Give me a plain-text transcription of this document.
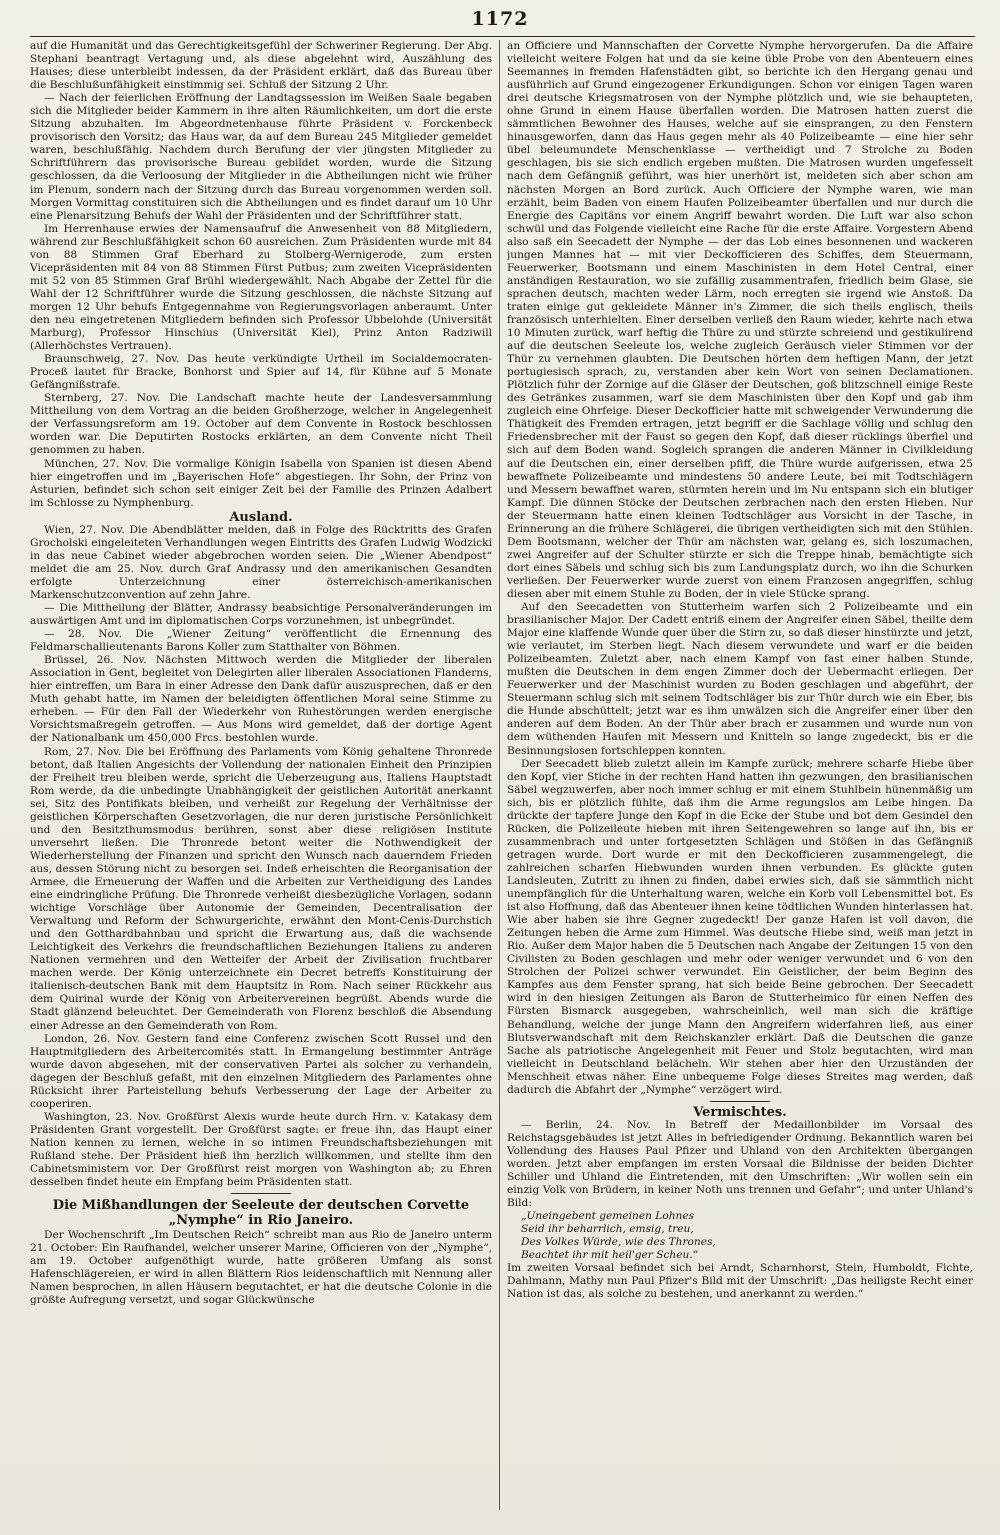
1172

auf die Humanität und das Gerechtigkeitsgefühl der Schweriner Regierung. Der Abg. Stephani beantragt Vertagung und, als diese abgelehnt wird, Auszählung des Hauses; diese unterbleibt indessen, da der Präsident erklärt, daß das Bureau über die Beschlußunfähigkeit einstimmig sei. Schluß der Sitzung 2 Uhr.

— Nach der feierlichen Eröffnung der Landtagssession im Weißen Saale begaben sich die Mitglieder beider Kammern in ihre alten Räumlichkeiten, um dort die erste Sitzung abzuhalten. Im Abgeordnetenhause führte Präsident v. Forckenbeck provisorisch den Vorsitz; das Haus war, da auf dem Bureau 245 Mitglieder gemeldet waren, beschlußfähig. Nachdem durch Berufung der vier jüngsten Mitglieder zu Schriftführern das provisorische Bureau gebildet worden, wurde die Sitzung geschlossen, da die Verloosung der Mitglieder in die Abtheilungen nicht wie früher im Plenum, sondern nach der Sitzung durch das Bureau vorgenommen werden soll. Morgen Vormittag constituiren sich die Abtheilungen und es findet darauf um 10 Uhr eine Plenarsitzung Behufs der Wahl der Präsidenten und der Schriftführer statt.

Im Herrenhause erwies der Namensaufruf die Anwesenheit von 88 Mitgliedern, während zur Beschlußfähigkeit schon 60 ausreichen. Zum Präsidenten wurde mit 84 von 88 Stimmen Graf Eberhard zu Stolberg-Wernigerode, zum ersten Vicepräsidenten mit 84 von 88 Stimmen Fürst Putbus; zum zweiten Vicepräsidenten mit 52 von 85 Stimmen Graf Brühl wiedergewählt. Nach Abgabe der Zettel für die Wahl der 12 Schriftführer wurde die Sitzung geschlossen, die nächste Sitzung auf morgen 12 Uhr behufs Entgegennahme von Regierungsvorlagen anberaumt. Unter den neu eingetretenen Mitgliedern befinden sich Professor Ubbelohde (Universität Marburg), Professor Hinschius (Universität Kiel), Prinz Anton Radziwill (Allerhöchstes Vertrauen).

Braunschweig, 27. Nov. Das heute verkündigte Urtheil im Socialdemocraten-Proceß lautet für Bracke, Bonhorst und Spier auf 14, für Kühne auf 5 Monate Gefängnißstrafe.

Sternberg, 27. Nov. Die Landschaft machte heute der Landesversammlung Mittheilung von dem Vortrag an die beiden Großherzoge, welcher in Angelegenheit der Verfassungsreform am 19. October auf dem Convente in Rostock beschlossen worden war. Die Deputirten Rostocks erklärten, an dem Convente nicht Theil genommen zu haben.

München, 27. Nov. Die vormalige Königin Isabella von Spanien ist diesen Abend hier eingetroffen und im „Bayerischen Hofe“ abgestiegen. Ihr Sohn, der Prinz von Asturien, befindet sich schon seit einiger Zeit bei der Familie des Prinzen Adalbert im Schlosse zu Nymphenburg.

Ausland.

Wien, 27. Nov. Die Abendblätter melden, daß in Folge des Rücktritts des Grafen Grocholski eingeleiteten Verhandlungen wegen Eintritts des Grafen Ludwig Wodzicki in das neue Cabinet wieder abgebrochen worden seien. Die „Wiener Abendpost“ meldet die am 25. Nov. durch Graf Andrassy und den amerikanischen Gesandten erfolgte Unterzeichnung einer österreichisch-amerikanischen Markenschutzconvention auf zehn Jahre.

— Die Mittheilung der Blätter, Andrassy beabsichtige Personalveränderungen im auswärtigen Amt und im diplomatischen Corps vorzunehmen, ist unbegründet.

— 28. Nov. Die „Wiener Zeitung“ veröffentlicht die Ernennung des Feldmarschallieutenants Barons Koller zum Statthalter von Böhmen.

Brüssel, 26. Nov. Nächsten Mittwoch werden die Mitglieder der liberalen Association in Gent, begleitet von Delegirten aller liberalen Associationen Flanderns, hier eintreffen, um Bara in einer Adresse den Dank dafür auszusprechen, daß er den Muth gehabt hatte, im Namen der beleidigten öffentlichen Moral seine Stimme zu erheben. — Für den Fall der Wiederkehr von Ruhestörungen werden energische Vorsichtsmaßregeln getroffen. — Aus Mons wird gemeldet, daß der dortige Agent der Nationalbank um 450,000 Frcs. bestohlen wurde.

Rom, 27. Nov. Die bei Eröffnung des Parlaments vom König gehaltene Thronrede betont, daß Italien Angesichts der Vollendung der nationalen Einheit den Prinzipien der Freiheit treu bleiben werde, spricht die Ueberzeugung aus, Italiens Hauptstadt Rom werde, da die unbedingte Unabhängigkeit der geistlichen Autorität anerkannt sei, Sitz des Pontifikats bleiben, und verheißt zur Regelung der Verhältnisse der geistlichen Körperschaften Gesetzvorlagen, die nur deren juristische Persönlichkeit und den Besitzthumsmodus berühren, sonst aber diese religiösen Institute unversehrt ließen. Die Thronrede betont weiter die Nothwendigkeit der Wiederherstellung der Finanzen und spricht den Wunsch nach dauerndem Frieden aus, dessen Störung nicht zu besorgen sei. Indeß erheischten die Reorganisation der Armee, die Erneuerung der Waffen und die Arbeiten zur Vertheidigung des Landes eine eindringliche Prüfung. Die Thronrede verheißt diesbezügliche Vorlagen, sodann wichtige Vorschläge über Autonomie der Gemeinden, Decentralisation der Verwaltung und Reform der Schwurgerichte, erwähnt den Mont-Cenis-Durchstich und den Gotthardbahnbau und spricht die Erwartung aus, daß die wachsende Leichtigkeit des Verkehrs die freundschaftlichen Beziehungen Italiens zu anderen Nationen vermehren und den Wetteifer der Arbeit der Zivilisation fruchtbarer machen werde. Der König unterzeichnete ein Decret betreffs Konstituirung der italienisch-deutschen Bank mit dem Hauptsitz in Rom. Nach seiner Rückkehr aus dem Quirinal wurde der König von Arbeitervereinen begrüßt. Abends wurde die Stadt glänzend beleuchtet. Der Gemeinderath von Florenz beschloß die Absendung einer Adresse an den Gemeinderath von Rom.

London, 26. Nov. Gestern fand eine Conferenz zwischen Scott Russel und den Hauptmitgliedern des Arbeitercomités statt. In Ermangelung bestimmter Anträge wurde davon abgesehen, mit der conservativen Partei als solcher zu verhandeln, dagegen der Beschluß gefaßt, mit den einzelnen Mitgliedern des Parlamentes ohne Rücksicht ihrer Parteistellung behufs Verbesserung der Lage der Arbeiter zu cooperiren.

Washington, 23. Nov. Großfürst Alexis wurde heute durch Hrn. v. Katakasy dem Präsidenten Grant vorgestellt. Der Großfürst sagte: er freue ihn, das Haupt einer Nation kennen zu lernen, welche in so intimen Freundschaftsbeziehungen mit Rußland stehe. Der Präsident hieß ihn herzlich willkommen, und stellte ihm den Cabinetsministern vor. Der Großfürst reist morgen von Washington ab; zu Ehren desselben findet heute ein Empfang beim Präsidenten statt.

Die Mißhandlungen der Seeleute der deutschen Corvette „Nymphe“ in Rio Janeiro.

Der Wochenschrift „Im Deutschen Reich“ schreibt man aus Rio de Janeiro unterm 21. October: Ein Raufhandel, welcher unserer Marine, Officieren von der „Nymphe“, am 19. October aufgenöthigt wurde, hatte größeren Umfang als sonst Hafenschlägereien, er wird in allen Blättern Rios leidenschaftlich mit Nennung aller Namen besprochen, in allen Häusern begutachtet, er hat die deutsche Colonie in die größte Aufregung versetzt, und sogar Glückwünsche

an Officiere und Mannschaften der Corvette Nymphe hervorgerufen. Da die Affaire vielleicht weitere Folgen hat und da sie keine üble Probe von den Abenteuern eines Seemannes in fremden Hafenstädten gibt, so berichte ich den Hergang genau und ausführlich auf Grund eingezogener Erkundigungen. Schon vor einigen Tagen waren drei deutsche Kriegsmatrosen von der Nymphe plötzlich und, wie sie behaupteten, ohne Grund in einem Hause überfallen worden. Die Matrosen hatten zuerst die sämmtlichen Bewohner des Hauses, welche auf sie einsprangen, zu den Fenstern hinausgeworfen, dann das Haus gegen mehr als 40 Polizeibeamte — eine hier sehr übel beleumundete Menschenklasse — vertheidigt und 7 Strolche zu Boden geschlagen, bis sie sich endlich ergeben mußten. Die Matrosen wurden ungefesselt nach dem Gefängniß geführt, was hier unerhört ist, meldeten sich aber schon am nächsten Morgen an Bord zurück. Auch Officiere der Nymphe waren, wie man erzählt, beim Baden von einem Haufen Polizeibeamter überfallen und nur durch die Energie des Capitäns vor einem Angriff bewahrt worden. Die Luft war also schon schwül und das Folgende vielleicht eine Rache für die erste Affaire. Vorgestern Abend also saß ein Seecadett der Nymphe — der das Lob eines besonnenen und wackeren jungen Mannes hat — mit vier Deckofficieren des Schiffes, dem Steuermann, Feuerwerker, Bootsmann und einem Maschinisten in dem Hotel Central, einer anständigen Restauration, wo sie zufällig zusammentrafen, friedlich beim Glase, sie sprachen deutsch, machten weder Lärm, noch erregten sie irgend wie Anstoß. Da traten einige gut gekleidete Männer in's Zimmer, die sich theils englisch, theils französisch unterhielten. Einer derselben verließ den Raum wieder, kehrte nach etwa 10 Minuten zurück, warf heftig die Thüre zu und stürzte schreiend und gestikulirend auf die deutschen Seeleute los, welche zugleich Geräusch vieler Stimmen vor der Thür zu vernehmen glaubten. Die Deutschen hörten dem heftigen Mann, der jetzt portugiesisch sprach, zu, verstanden aber kein Wort von seinen Declamationen. Plötzlich fuhr der Zornige auf die Gläser der Deutschen, goß blitzschnell einige Reste des Getränkes zusammen, warf sie dem Maschinisten über den Kopf und gab ihm zugleich eine Ohrfeige. Dieser Deckofficier hatte mit schweigender Verwunderung die Thätigkeit des Fremden ertragen, jetzt begriff er die Sachlage völlig und schlug den Friedensbrecher mit der Faust so gegen den Kopf, daß dieser rücklings überfiel und sich auf dem Boden wand. Sogleich sprangen die anderen Männer in Civilkleidung auf die Deutschen ein, einer derselben pfiff, die Thüre wurde aufgerissen, etwa 25 bewaffnete Polizeibeamte und mindestens 50 andere Leute, bei mit Todtschlägern und Messern bewaffnet waren, stürmten herein und im Nu entspann sich ein blutiger Kampf. Die dünnen Stöcke der Deutschen zerbrachen nach den ersten Hieben. Nur der Steuermann hatte einen kleinen Todtschläger aus Vorsicht in der Tasche, in Erinnerung an die frühere Schlägerei, die übrigen vertheidigten sich mit den Stühlen. Dem Bootsmann, welcher der Thür am nächsten war, gelang es, sich loszumachen, zwei Angreifer auf der Schulter stürzte er sich die Treppe hinab, bemächtigte sich dort eines Säbels und schlug sich bis zum Landungsplatz durch, wo ihn die Schurken verließen. Der Feuerwerker wurde zuerst von einem Franzosen angegriffen, schlug diesen aber mit einem Stuhle zu Boden, der in viele Stücke sprang.

Auf den Seecadetten von Stutterheim warfen sich 2 Polizeibeamte und ein brasilianischer Major. Der Cadett entriß einem der Angreifer einen Säbel, theilte dem Major eine klaffende Wunde quer über die Stirn zu, so daß dieser hinstürzte und jetzt, wie verlautet, im Sterben liegt. Nach diesem verwundete und warf er die beiden Polizeibeamten. Zuletzt aber, nach einem Kampf von fast einer halben Stunde, mußten die Deutschen in dem engen Zimmer doch der Uebermacht erliegen. Der Feuerwerker und der Maschinist wurden zu Boden geschlagen und abgeführt, der Steuermann schlug sich mit seinem Todtschläger bis zur Thür durch wie ein Eber, bis die Hunde abschüttelt; jetzt war es ihm unwälzen sich die Angreifer einer über den anderen auf dem Boden. An der Thür aber brach er zusammen und wurde nun von dem wüthenden Haufen mit Messern und Knitteln so lange zugedeckt, bis er die Besinnungslosen fortschleppen konnten.

Der Seecadett blieb zuletzt allein im Kampfe zurück; mehrere scharfe Hiebe über den Kopf, vier Stiche in der rechten Hand hatten ihn gezwungen, den brasilianischen Säbel wegzuwerfen, aber noch immer schlug er mit einem Stuhlbein hünenmäßig um sich, bis er plötzlich fühlte, daß ihm die Arme regungslos am Leibe hingen. Da drückte der tapfere Junge den Kopf in die Ecke der Stube und bot dem Gesindel den Rücken, die Polizeileute hieben mit ihren Seitengewehren so lange auf ihn, bis er zusammenbrach und unter fortgesetzten Schlägen und Stößen in das Gefängniß getragen wurde. Dort wurde er mit den Deckofficieren zusammengelegt, die zahlreichen scharfen Hiebwunden wurden ihnen verbunden. Es glückte guten Landsleuten, Zutritt zu ihnen zu finden, dabei erwies sich, daß sie sämmtlich nicht unempfänglich für die Unterhaltung waren, welche ein Korb voll Lebensmittel bot. Es ist also Hoffnung, daß das Abenteuer ihnen keine tödtlichen Wunden hinterlassen hat. Wie aber haben sie ihre Gegner zugedeckt! Der ganze Hafen ist voll davon, die Zeitungen heben die Arme zum Himmel. Was deutsche Hiebe sind, weiß man jetzt in Rio. Außer dem Major haben die 5 Deutschen nach Angabe der Zeitungen 15 von den Civilisten zu Boden geschlagen und mehr oder weniger verwundet und 6 von den Strolchen der Polizei schwer verwundet. Ein Geistlicher, der beim Beginn des Kampfes aus dem Fenster sprang, hat sich beide Beine gebrochen. Der Seecadett wird in den hiesigen Zeitungen als Baron de Stutterheimico für einen Neffen des Fürsten Bismarck ausgegeben, wahrscheinlich, weil man sich die kräftige Behandlung, welche der junge Mann den Angreifern widerfahren ließ, aus einer Blutsverwandschaft mit dem Reichskanzler erklärt. Daß die Deutschen die ganze Sache als patriotische Angelegenheit mit Feuer und Stolz begutachten, wird man vielleicht in Deutschland belächeln. Wir stehen aber hier den Urzuständen der Menschheit etwas näher. Eine unbequeme Folge dieses Streites mag werden, daß dadurch die Abfahrt der „Nymphe“ verzögert wird.

Vermischtes.

— Berlin, 24. Nov. In Betreff der Medaillonbilder im Vorsaal des Reichstagsgebäudes ist jetzt Alles in befriedigender Ordnung. Bekanntlich waren bei Vollendung des Hauses Paul Pfizer und Uhland von den Architekten übergangen worden. Jetzt aber empfangen im ersten Vorsaal die Bildnisse der beiden Dichter Schiller und Uhland die Eintretenden, mit den Umschriften: „Wir wollen sein ein einzig Volk von Brüdern, in keiner Noth uns trennen und Gefahr“; und unter Uhland's Bild:

„Uneingebent gemeinen Lohnes

Seid ihr beharrlich, emsig, treu,

Des Volkes Würde, wie des Thrones,

Beachtet ihr mit heil'ger Scheu.“

Im zweiten Vorsaal befindet sich bei Arndt, Scharnhorst, Stein, Humboldt, Fichte, Dahlmann, Mathy nun Paul Pfizer's Bild mit der Umschrift: „Das heiligste Recht einer Nation ist das, als solche zu bestehen, und anerkannt zu werden.“
